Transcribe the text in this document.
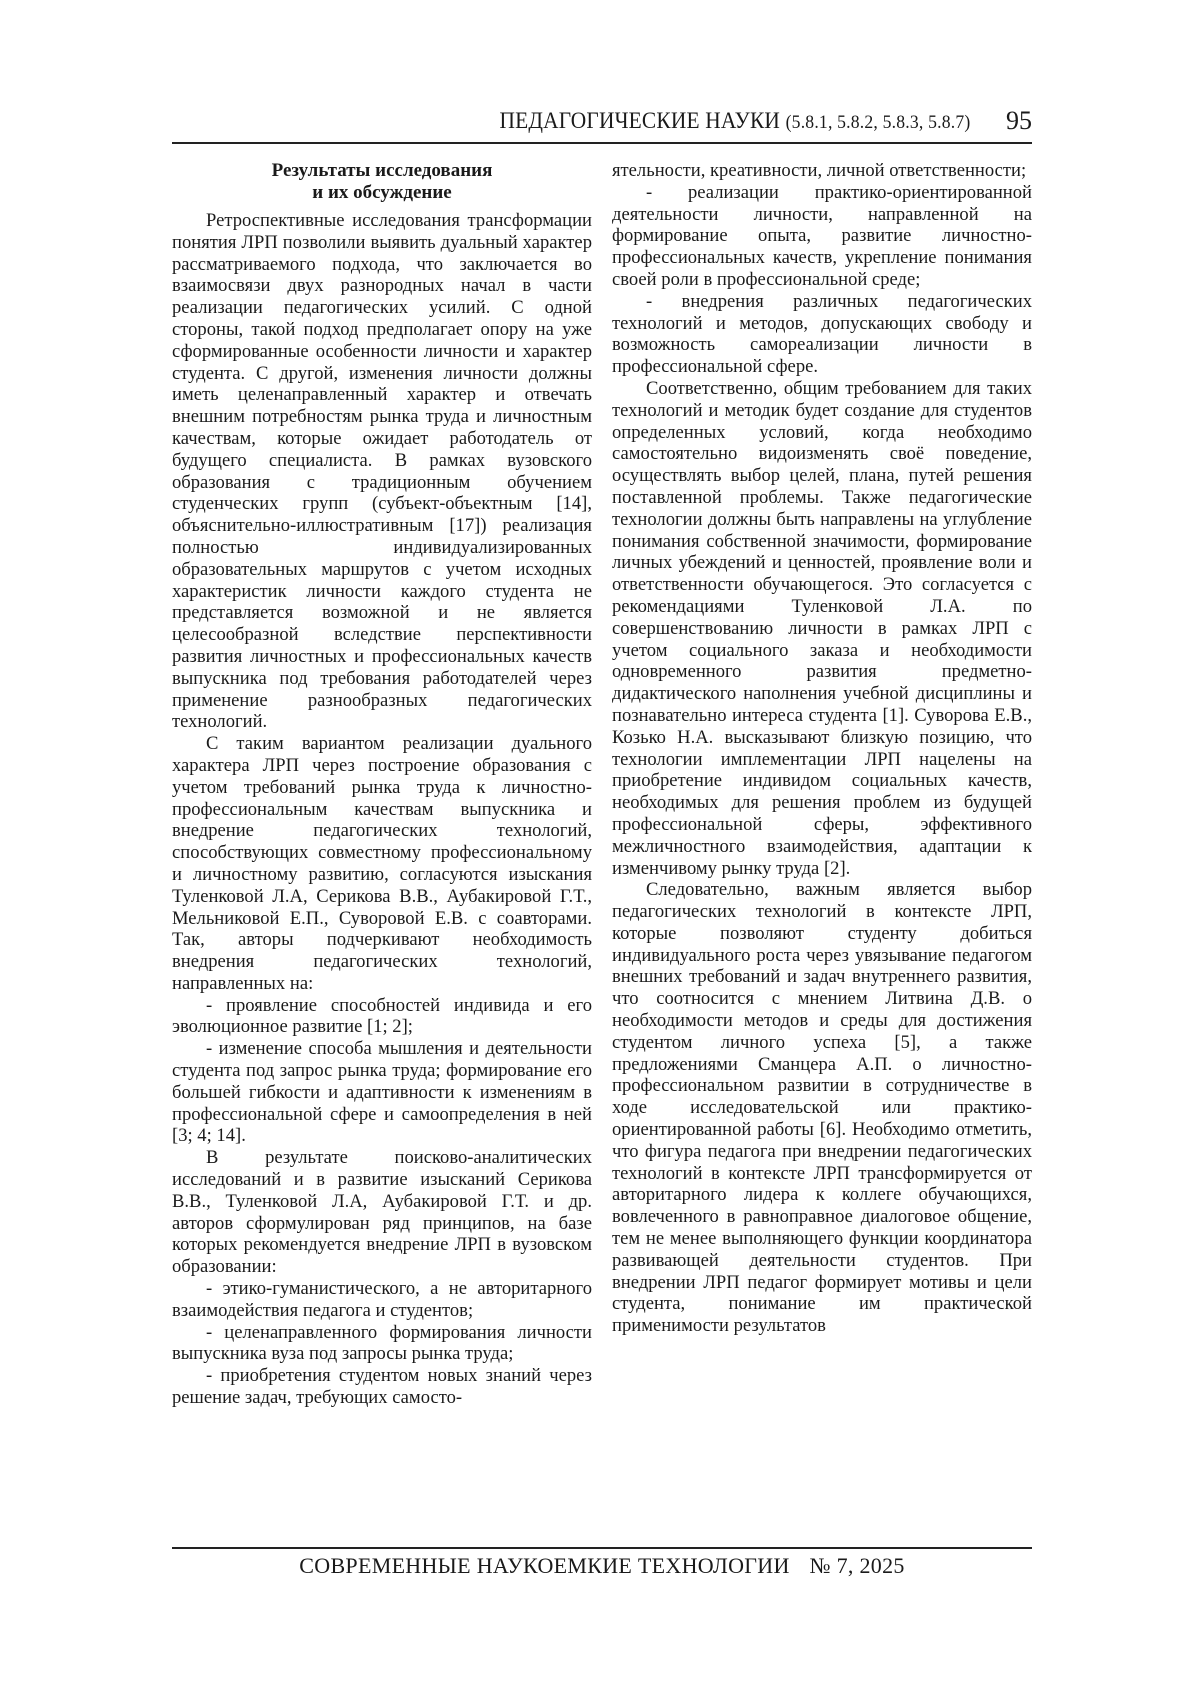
ПЕДАГОГИЧЕСКИЕ НАУКИ (5.8.1, 5.8.2, 5.8.3, 5.8.7) 95
Результаты исследования
и их обсуждение

Ретроспективные исследования трансформации понятия ЛРП позволили выявить дуальный характер рассматриваемого подхода, что заключается во взаимосвязи двух разнородных начал в части реализации педагогических усилий. С одной стороны, такой подход предполагает опору на уже сформированные особенности личности и характер студента. С другой, изменения личности должны иметь целенаправленный характер и отвечать внешним потребностям рынка труда и личностным качествам, которые ожидает работодатель от будущего специалиста. В рамках вузовского образования с традиционным обучением студенческих групп (субъект-объектным [14], объяснительно-иллюстративным [17]) реализация полностью индивидуализированных образовательных маршрутов с учетом исходных характеристик личности каждого студента не представляется возможной и не является целесообразной вследствие перспективности развития личностных и профессиональных качеств выпускника под требования работодателей через применение разнообразных педагогических технологий.

С таким вариантом реализации дуального характера ЛРП через построение образования с учетом требований рынка труда к личностно-профессиональным качествам выпускника и внедрение педагогических технологий, способствующих совместному профессиональному и личностному развитию, согласуются изыскания Туленковой Л.А, Серикова В.В., Аубакировой Г.Т., Мельниковой Е.П., Суворовой Е.В. с соавторами. Так, авторы подчеркивают необходимость внедрения педагогических технологий, направленных на:

- проявление способностей индивида и его эволюционное развитие [1; 2];

- изменение способа мышления и деятельности студента под запрос рынка труда; формирование его большей гибкости и адаптивности к изменениям в профессиональной сфере и самоопределения в ней [3; 4; 14].

В результате поисково-аналитических исследований и в развитие изысканий Серикова В.В., Туленковой Л.А, Аубакировой Г.Т. и др. авторов сформулирован ряд принципов, на базе которых рекомендуется внедрение ЛРП в вузовском образовании:

- этико-гуманистического, а не авторитарного взаимодействия педагога и студентов;

- целенаправленного формирования личности выпускника вуза под запросы рынка труда;

- приобретения студентом новых знаний через решение задач, требующих самосто-

ятельности, креативности, личной ответственности;

- реализации практико-ориентированной деятельности личности, направленной на формирование опыта, развитие личностно-профессиональных качеств, укрепление понимания своей роли в профессиональной среде;

- внедрения различных педагогических технологий и методов, допускающих свободу и возможность самореализации личности в профессиональной сфере.

Соответственно, общим требованием для таких технологий и методик будет создание для студентов определенных условий, когда необходимо самостоятельно видоизменять своё поведение, осуществлять выбор целей, плана, путей решения поставленной проблемы. Также педагогические технологии должны быть направлены на углубление понимания собственной значимости, формирование личных убеждений и ценностей, проявление воли и ответственности обучающегося. Это согласуется с рекомендациями Туленковой Л.А. по совершенствованию личности в рамках ЛРП с учетом социального заказа и необходимости одновременного развития предметно-дидактического наполнения учебной дисциплины и познавательно интереса студента [1]. Суворова Е.В., Козько Н.А. высказывают близкую позицию, что технологии имплементации ЛРП нацелены на приобретение индивидом социальных качеств, необходимых для решения проблем из будущей профессиональной сферы, эффективного межличностного взаимодействия, адаптации к изменчивому рынку труда [2].

Следовательно, важным является выбор педагогических технологий в контексте ЛРП, которые позволяют студенту добиться индивидуального роста через увязывание педагогом внешних требований и задач внутреннего развития, что соотносится с мнением Литвина Д.В. о необходимости методов и среды для достижения студентом личного успеха [5], а также предложениями Сманцера А.П. о личностно-профессиональном развитии в сотрудничестве в ходе исследовательской или практико-ориентированной работы [6]. Необходимо отметить, что фигура педагога при внедрении педагогических технологий в контексте ЛРП трансформируется от авторитарного лидера к коллеге обучающихся, вовлеченного в равноправное диалоговое общение, тем не менее выполняющего функции координатора развивающей деятельности студентов. При внедрении ЛРП педагог формирует мотивы и цели студента, понимание им практической применимости результатов

СОВРЕМЕННЫЕ НАУКОЕМКИЕ ТЕХНОЛОГИИ № 7, 2025
